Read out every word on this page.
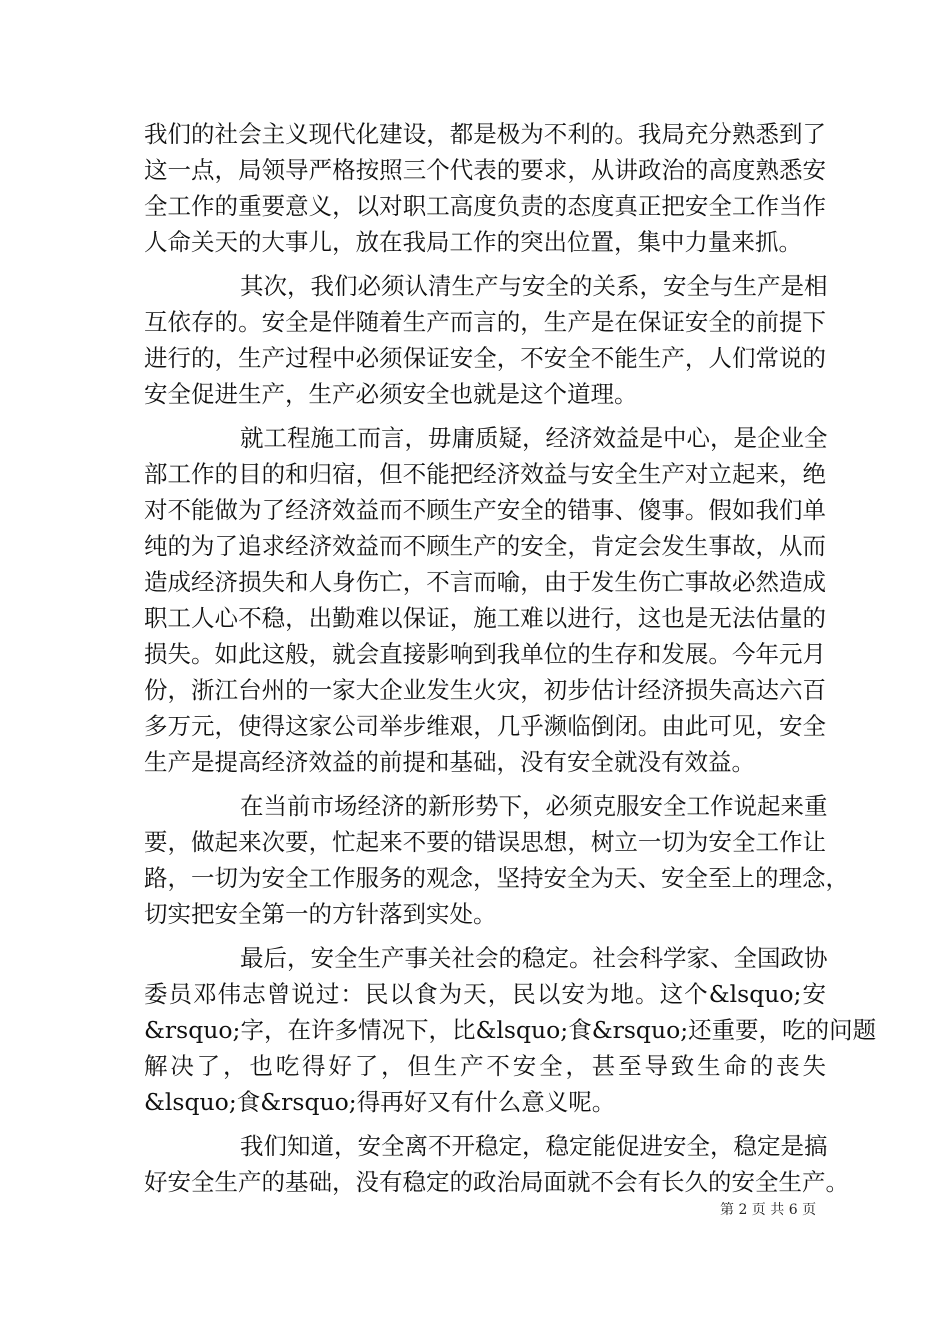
我们的社会主义现代化建设，都是极为不利的。我局充分熟悉到了
这一点，局领导严格按照三个代表的要求，从讲政治的高度熟悉安
全工作的重要意义，以对职工高度负责的态度真正把安全工作当作
人命关天的大事儿，放在我局工作的突出位置，集中力量来抓。
其次，我们必须认清生产与安全的关系，安全与生产是相
互依存的。安全是伴随着生产而言的，生产是在保证安全的前提下
进行的，生产过程中必须保证安全，不安全不能生产，人们常说的
安全促进生产，生产必须安全也就是这个道理。
就工程施工而言，毋庸质疑，经济效益是中心，是企业全
部工作的目的和归宿，但不能把经济效益与安全生产对立起来，绝
对不能做为了经济效益而不顾生产安全的错事、傻事。假如我们单
纯的为了追求经济效益而不顾生产的安全，肯定会发生事故，从而
造成经济损失和人身伤亡，不言而喻，由于发生伤亡事故必然造成
职工人心不稳，出勤难以保证，施工难以进行，这也是无法估量的
损失。如此这般，就会直接影响到我单位的生存和发展。今年元月
份，浙江台州的一家大企业发生火灾，初步估计经济损失高达六百
多万元，使得这家公司举步维艰，几乎濒临倒闭。由此可见，安全
生产是提高经济效益的前提和基础，没有安全就没有效益。
在当前市场经济的新形势下，必须克服安全工作说起来重
要，做起来次要，忙起来不要的错误思想，树立一切为安全工作让
路，一切为安全工作服务的观念，坚持安全为天、安全至上的理念，
切实把安全第一的方针落到实处。
最后，安全生产事关社会的稳定。社会科学家、全国政协
委员邓伟志曾说过：民以食为天，民以安为地。这个&lsquo;安
&rsquo;字，在许多情况下，比&lsquo;食&rsquo;还重要，吃的问题
解决了，也吃得好了，但生产不安全，甚至导致生命的丧失
&lsquo;食&rsquo;得再好又有什么意义呢。
我们知道，安全离不开稳定，稳定能促进安全，稳定是搞
好安全生产的基础，没有稳定的政治局面就不会有长久的安全生产。
第 2 页 共 6 页
